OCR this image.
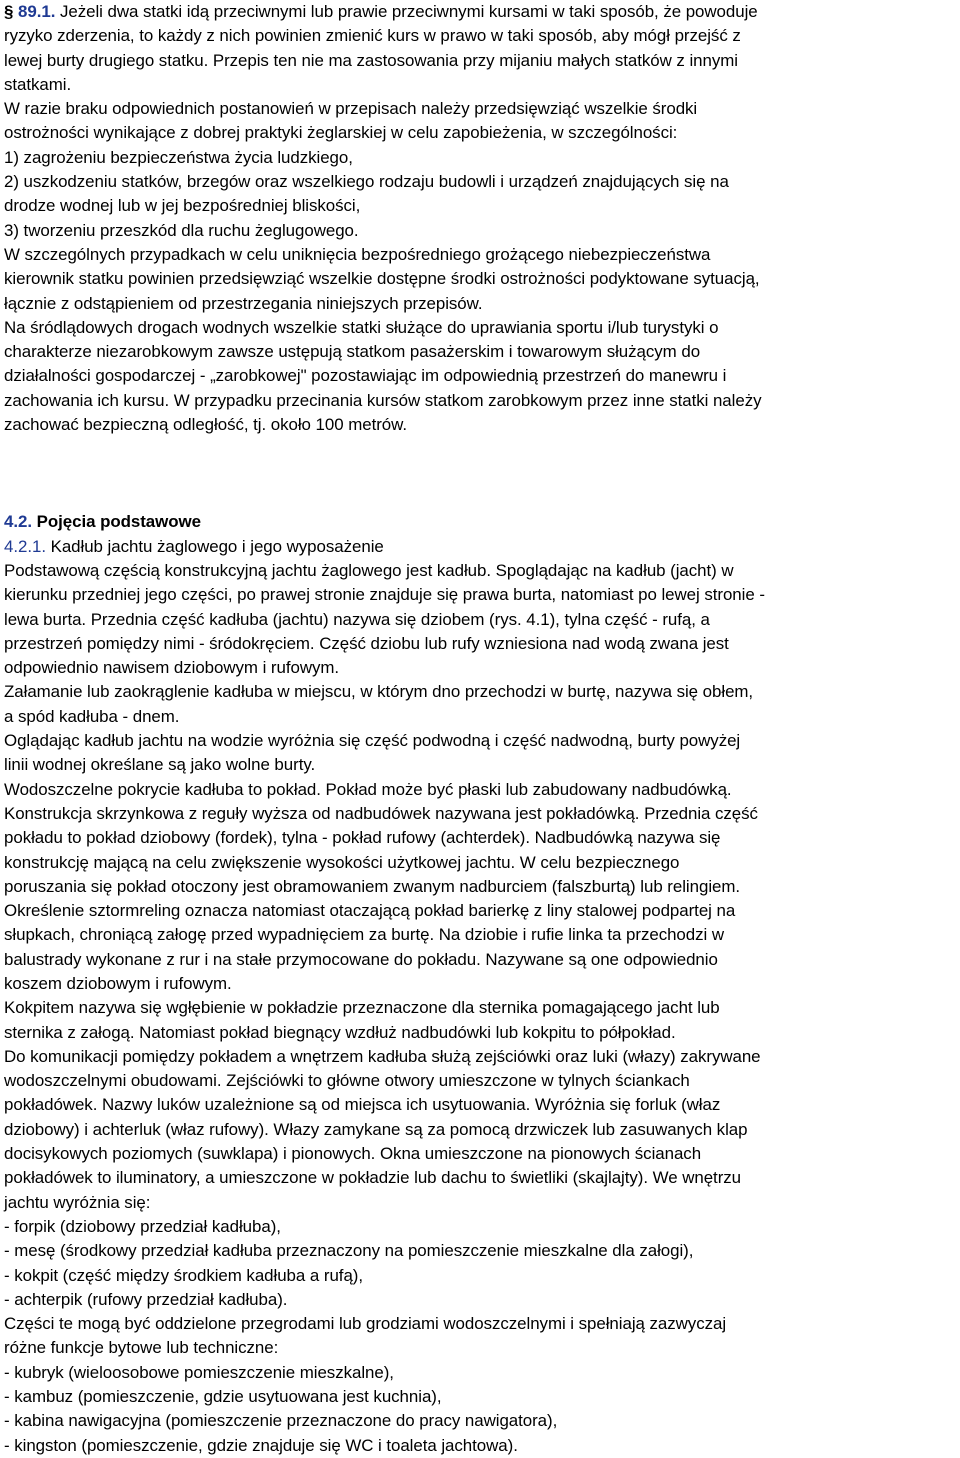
§ 89.1. Jeżeli dwa statki idą przeciwnymi lub prawie przeciwnymi kursami w taki sposób, że powoduje

ryzyko zderzenia, to każdy z nich powinien zmienić kurs w prawo w taki sposób, aby mógł przejść z

lewej burty drugiego statku. Przepis ten nie ma zastosowania przy mijaniu małych statków z innymi

statkami.

W razie braku odpowiednich postanowień w przepisach należy przedsięwziąć wszelkie środki

ostrożności wynikające z dobrej praktyki żeglarskiej w celu zapobieżenia, w szczególności:

1) zagrożeniu bezpieczeństwa życia ludzkiego,

2) uszkodzeniu statków, brzegów oraz wszelkiego rodzaju budowli i urządzeń znajdujących się na

drodze wodnej lub w jej bezpośredniej bliskości,

3) tworzeniu przeszkód dla ruchu żeglugowego.

W szczególnych przypadkach w celu uniknięcia bezpośredniego grożącego niebezpieczeństwa

kierownik statku powinien przedsięwziąć wszelkie dostępne środki ostrożności podyktowane sytuacją,

łącznie z odstąpieniem od przestrzegania niniejszych przepisów.

Na śródlądowych drogach wodnych wszelkie statki służące do uprawiania sportu i/lub turystyki o

charakterze niezarobkowym zawsze ustępują statkom pasażerskim i towarowym służącym do

działalności gospodarczej - „zarobkowej" pozostawiając im odpowiednią przestrzeń do manewru i

zachowania ich kursu. W przypadku przecinania kursów statkom zarobkowym przez inne statki należy

zachować bezpieczną odległość, tj. około 100 metrów.

4.2. Pojęcia podstawowe

4.2.1. Kadłub jachtu żaglowego i jego wyposażenie

Podstawową częścią konstrukcyjną jachtu żaglowego jest kadłub. Spoglądając na kadłub (jacht) w

kierunku przedniej jego części, po prawej stronie znajduje się prawa burta, natomiast po lewej stronie -

lewa burta. Przednia część kadłuba (jachtu) nazywa się dziobem (rys. 4.1), tylna część - rufą, a

przestrzeń pomiędzy nimi - śródokręciem. Część dziobu lub rufy wzniesiona nad wodą zwana jest

odpowiednio nawisem dziobowym i rufowym.

Załamanie lub zaokrąglenie kadłuba w miejscu, w którym dno przechodzi w burtę, nazywa się obłem,

a spód kadłuba - dnem.

Oglądając kadłub jachtu na wodzie wyróżnia się część podwodną i część nadwodną, burty powyżej

linii wodnej określane są jako wolne burty.

Wodoszczelne pokrycie kadłuba to pokład. Pokład może być płaski lub zabudowany nadbudówką.

Konstrukcja skrzynkowa z reguły wyższa od nadbudówek nazywana jest pokładówką. Przednia część

pokładu to pokład dziobowy (fordek), tylna - pokład rufowy (achterdek). Nadbudówką nazywa się

konstrukcję mającą na celu zwiększenie wysokości użytkowej jachtu. W celu bezpiecznego

poruszania się pokład otoczony jest obramowaniem zwanym nadburciem (falszburtą) lub relingiem.

Określenie sztormreling oznacza natomiast otaczającą pokład barierkę z liny stalowej podpartej na

słupkach, chroniącą załogę przed wypadnięciem za burtę. Na dziobie i rufie linka ta przechodzi w

balustrady wykonane z rur i na stałe przymocowane do pokładu. Nazywane są one odpowiednio

koszem dziobowym i rufowym.

Kokpitem nazywa się wgłębienie w pokładzie przeznaczone dla sternika pomagającego jacht lub

sternika z załogą. Natomiast pokład biegnący wzdłuż nadbudówki lub kokpitu to półpokład.

Do komunikacji pomiędzy pokładem a wnętrzem kadłuba służą zejściówki oraz luki (włazy) zakrywane

wodoszczelnymi obudowami. Zejściówki to główne otwory umieszczone w tylnych ściankach

pokładówek. Nazwy luków uzależnione są od miejsca ich usytuowania. Wyróżnia się forluk (właz

dziobowy) i achterluk (właz rufowy). Włazy zamykane są za pomocą drzwiczek lub zasuwanych klap

docisykowych poziomych (suwklapa) i pionowych. Okna umieszczone na pionowych ścianach

pokładówek to iluminatory, a umieszczone w pokładzie lub dachu to świetliki (skajlajty). We wnętrzu

jachtu wyróżnia się:

- forpik (dziobowy przedział kadłuba),

- mesę (środkowy przedział kadłuba przeznaczony na pomieszczenie mieszkalne dla załogi),

- kokpit (część między środkiem kadłuba a rufą),

- achterpik (rufowy przedział kadłuba).

Części te mogą być oddzielone przegrodami lub grodziami wodoszczelnymi i spełniają zazwyczaj

różne funkcje bytowe lub techniczne:

- kubryk (wieloosobowe pomieszczenie mieszkalne),

- kambuz (pomieszczenie, gdzie usytuowana jest kuchnia),

- kabina nawigacyjna (pomieszczenie przeznaczone do pracy nawigatora),

- kingston (pomieszczenie, gdzie znajduje się WC i toaleta jachtowa).
